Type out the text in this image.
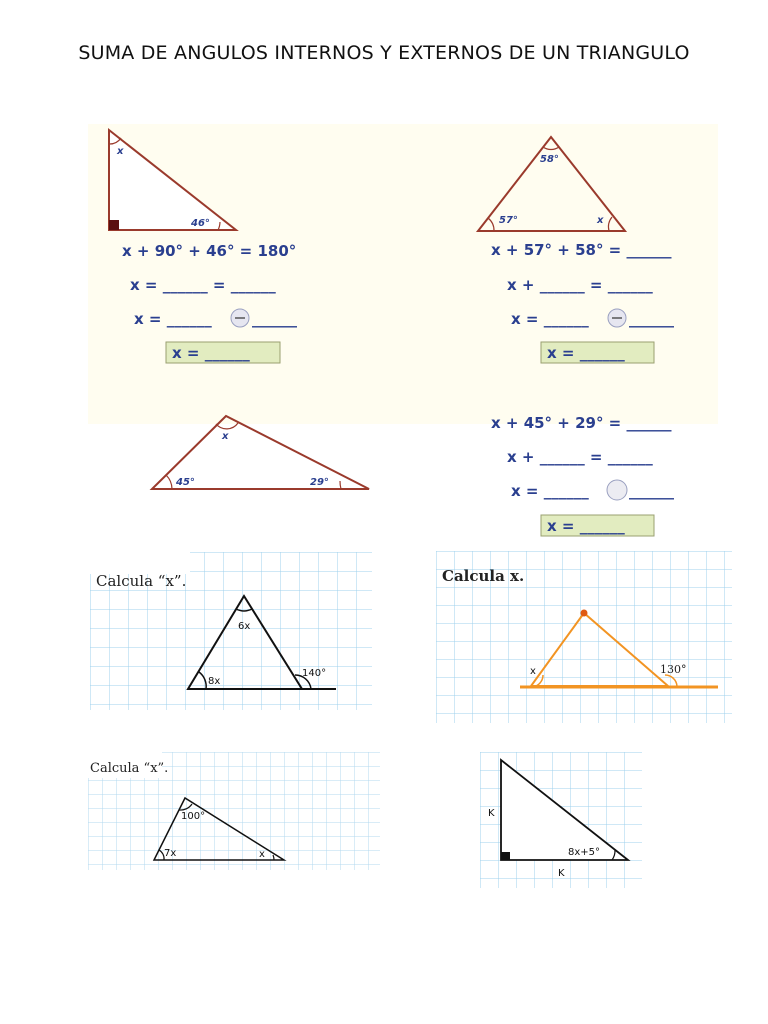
SUMA DE ANGULOS INTERNOS Y EXTERNOS DE UN TRIANGULO
x
46°
58°
57°	x
x
45°	29°
x + 90° + 46° = 180°
x = ______ = ______
x = ______	______
x = ______
x + 57° + 58° = ______
x + ______ = ______
x = ______	______
x = ______
x + 45° + 29° = ______
x + ______ = ______
x = ______	______
x = ______
Calcula “x”.
6x
8x
140°
Calcula x.
x	130°
Calcula “x”.
100°
7x	x
K
K
8x+5°
